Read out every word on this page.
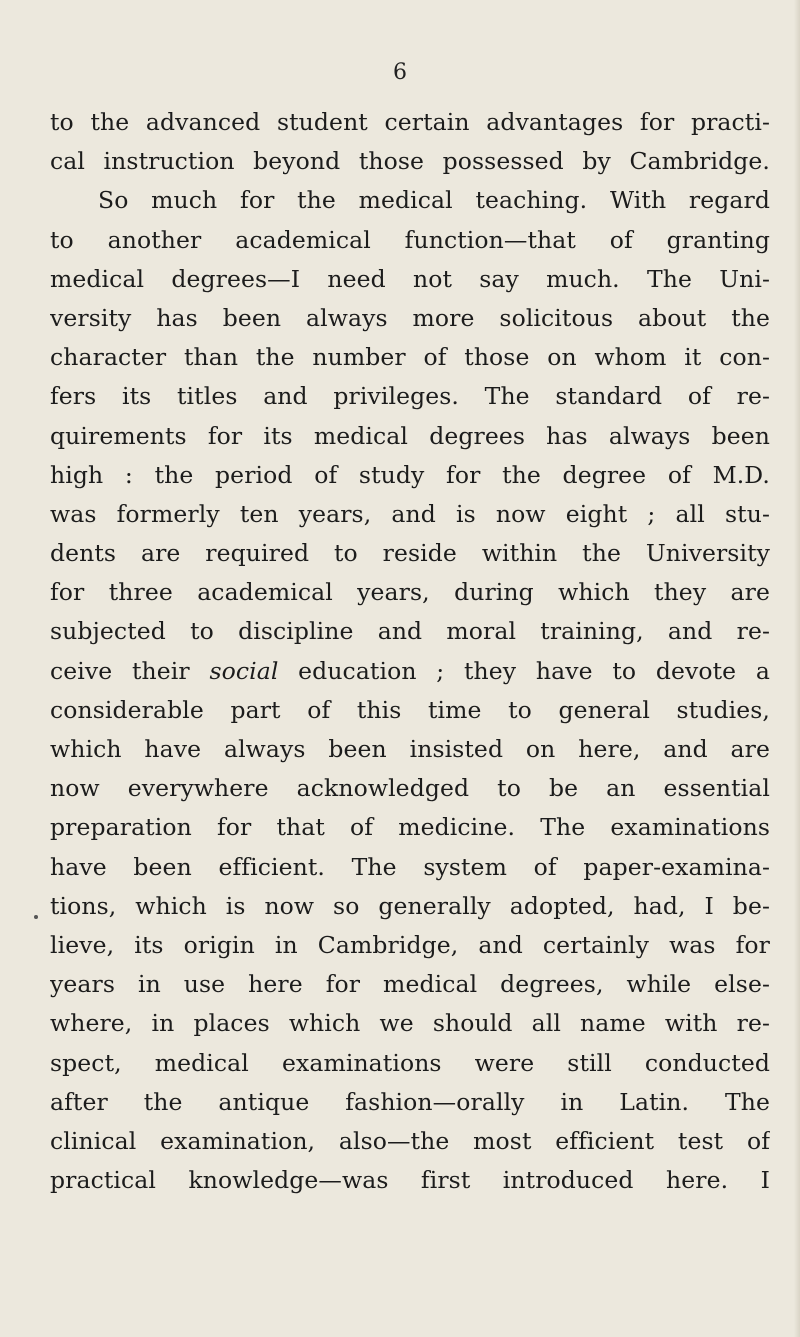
6
to the advanced student certain advantages for practi-
cal instruction beyond those possessed by Cambridge.
So much for the medical teaching. With regard
to another academical function—that of granting
medical degrees—I need not say much. The Uni-
versity has been always more solicitous about the
character than the number of those on whom it con-
fers its titles and privileges. The standard of re-
quirements for its medical degrees has always been
high : the period of study for the degree of M.D.
was formerly ten years, and is now eight ; all stu-
dents are required to reside within the University
for three academical years, during which they are
subjected to discipline and moral training, and re-
ceive their social education ; they have to devote a
considerable part of this time to general studies,
which have always been insisted on here, and are
now everywhere acknowledged to be an essential
preparation for that of medicine. The examinations
have been efficient. The system of paper-examina-
tions, which is now so generally adopted, had, I be-
lieve, its origin in Cambridge, and certainly was for
years in use here for medical degrees, while else-
where, in places which we should all name with re-
spect, medical examinations were still conducted
after the antique fashion—orally in Latin. The
clinical examination, also—the most efficient test of
practical knowledge—was first introduced here. I
